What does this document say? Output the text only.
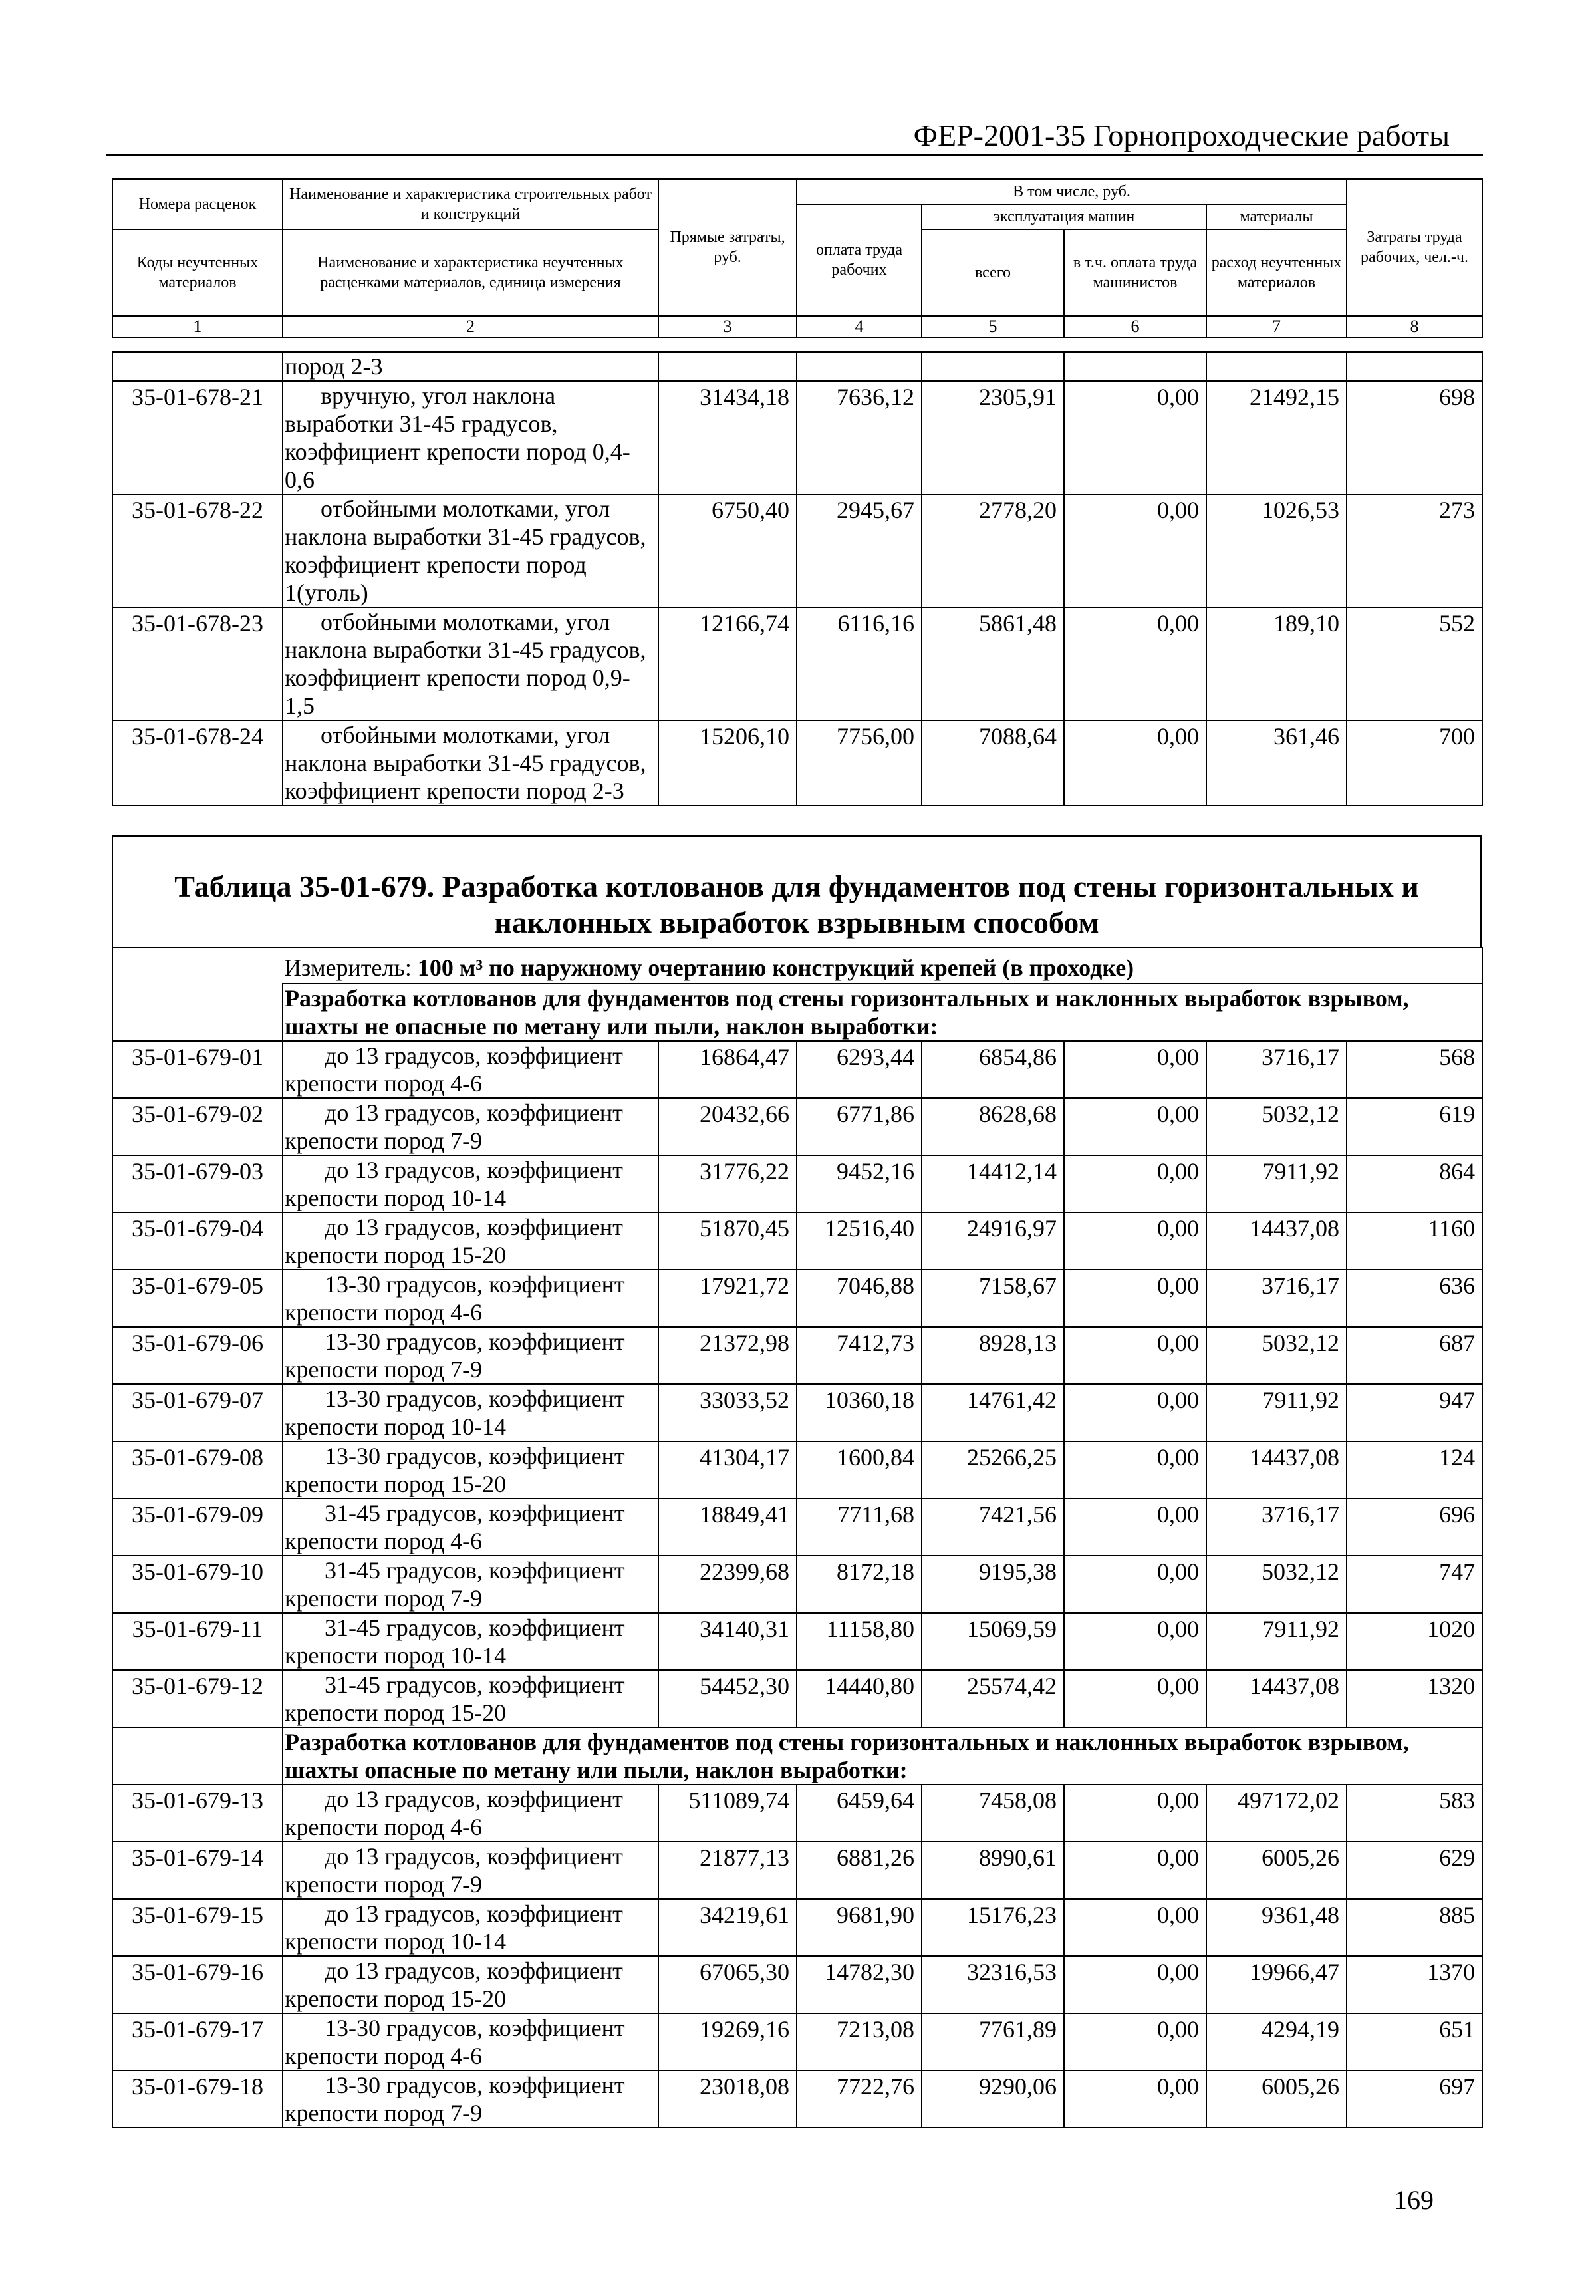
ФЕР-2001-35 Горнопроходческие работы
Номера расценок	Наименование и характеристика строительных работ и конструкций	Прямые затраты, руб.	В том числе, руб.				Затраты труда рабочих, чел.-ч.
			оплата труда рабочих	эксплуатация машин		материалы	
Коды неучтенных материалов	Наименование и характеристика неучтенных расценками материалов, единица измерения			всего	в т.ч. оплата труда машинистов	расход неучтенных материалов	

1	2	3	4	5	6	7	8
	пород 2-3						
35-01-678-21	вручную, угол наклона выработки 31-45 градусов, коэффициент крепости пород 0,4-0,6	31434,18	7636,12	2305,91	0,00	21492,15	698
35-01-678-22	отбойными молотками, угол наклона выработки 31-45 градусов, коэффициент крепости пород 1(уголь)	6750,40	2945,67	2778,20	0,00	1026,53	273
35-01-678-23	отбойными молотками, угол наклона выработки 31-45 градусов, коэффициент крепости пород 0,9-1,5	12166,74	6116,16	5861,48	0,00	189,10	552
35-01-678-24	отбойными молотками, угол наклона выработки 31-45 градусов, коэффициент крепости пород 2-3	15206,10	7756,00	7088,64	0,00	361,46	700
Таблица 35-01-679. Разработка котлованов для фундаментов под стены горизонтальных и наклонных выработок взрывным способом
	Измеритель: 100 м³ по наружному очертанию конструкций крепей (в проходке)						
	Разработка котлованов для фундаментов под стены горизонтальных и наклонных выработок взрывом, шахты не опасные по метану или пыли, наклон выработки:						
35-01-679-01	до 13 градусов, коэффициент крепости пород 4-6	16864,47	6293,44	6854,86	0,00	3716,17	568
35-01-679-02	до 13 градусов, коэффициент крепости пород 7-9	20432,66	6771,86	8628,68	0,00	5032,12	619
35-01-679-03	до 13 градусов, коэффициент крепости пород 10-14	31776,22	9452,16	14412,14	0,00	7911,92	864
35-01-679-04	до 13 градусов, коэффициент крепости пород 15-20	51870,45	12516,40	24916,97	0,00	14437,08	1160
35-01-679-05	13-30 градусов, коэффициент крепости пород 4-6	17921,72	7046,88	7158,67	0,00	3716,17	636
35-01-679-06	13-30 градусов, коэффициент крепости пород 7-9	21372,98	7412,73	8928,13	0,00	5032,12	687
35-01-679-07	13-30 градусов, коэффициент крепости пород 10-14	33033,52	10360,18	14761,42	0,00	7911,92	947
35-01-679-08	13-30 градусов, коэффициент крепости пород 15-20	41304,17	1600,84	25266,25	0,00	14437,08	124
35-01-679-09	31-45 градусов, коэффициент крепости пород 4-6	18849,41	7711,68	7421,56	0,00	3716,17	696
35-01-679-10	31-45 градусов, коэффициент крепости пород 7-9	22399,68	8172,18	9195,38	0,00	5032,12	747
35-01-679-11	31-45 градусов, коэффициент крепости пород 10-14	34140,31	11158,80	15069,59	0,00	7911,92	1020
35-01-679-12	31-45 градусов, коэффициент крепости пород 15-20	54452,30	14440,80	25574,42	0,00	14437,08	1320
	Разработка котлованов для фундаментов под стены горизонтальных и наклонных выработок взрывом, шахты опасные по метану или пыли, наклон выработки:						
35-01-679-13	до 13 градусов, коэффициент крепости пород 4-6	511089,74	6459,64	7458,08	0,00	497172,02	583
35-01-679-14	до 13 градусов, коэффициент крепости пород 7-9	21877,13	6881,26	8990,61	0,00	6005,26	629
35-01-679-15	до 13 градусов, коэффициент крепости пород 10-14	34219,61	9681,90	15176,23	0,00	9361,48	885
35-01-679-16	до 13 градусов, коэффициент крепости пород 15-20	67065,30	14782,30	32316,53	0,00	19966,47	1370
35-01-679-17	13-30 градусов, коэффициент крепости пород 4-6	19269,16	7213,08	7761,89	0,00	4294,19	651
35-01-679-18	13-30 градусов, коэффициент крепости пород 7-9	23018,08	7722,76	9290,06	0,00	6005,26	697
169
